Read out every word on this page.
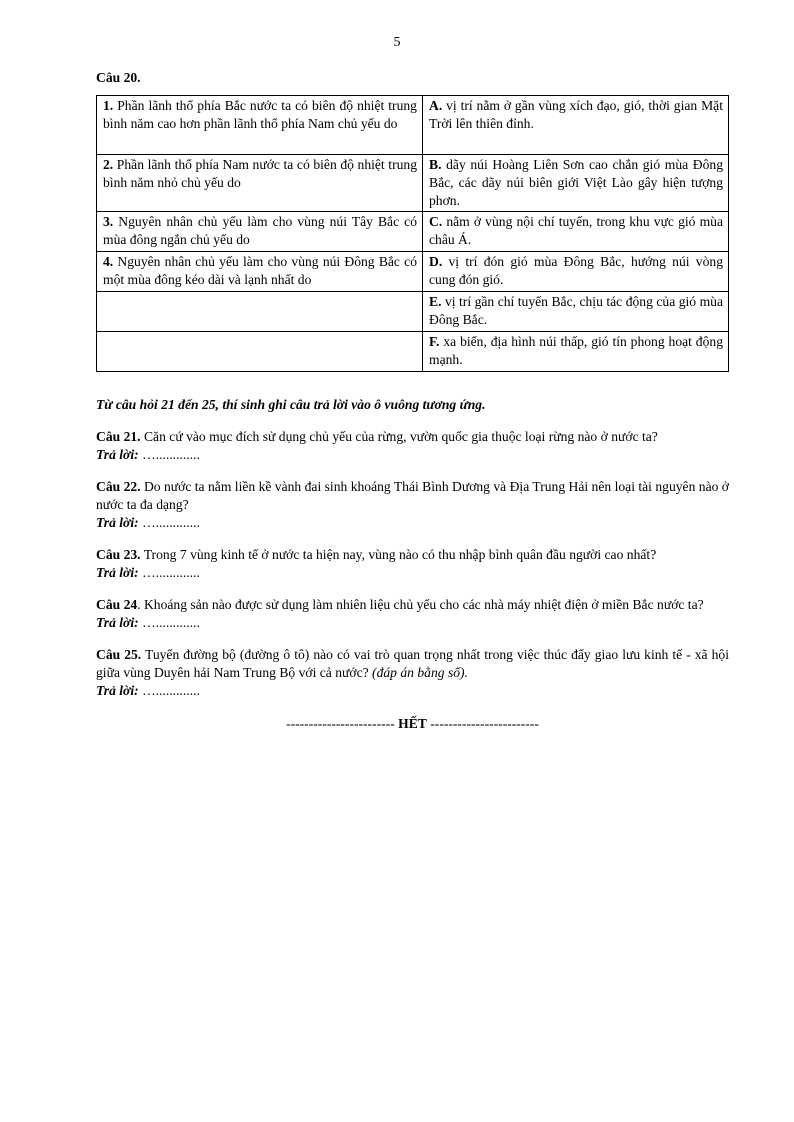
5
Câu 20.
1. Phần lãnh thổ phía Bắc nước ta có biên độ nhiệt trung bình năm cao hơn phần lãnh thổ phía Nam chủ yếu do	A. vị trí nằm ở gần vùng xích đạo, gió, thời gian Mặt Trời lên thiên đỉnh.
2. Phần lãnh thổ phía Nam nước ta có biên độ nhiệt trung bình năm nhỏ chủ yếu do	B. dãy núi Hoàng Liên Sơn cao chắn gió mùa Đông Bắc, các dãy núi biên giới Việt Lào gây hiện tượng phơn.
3. Nguyên nhân chủ yếu làm cho vùng núi Tây Bắc có mùa đông ngắn chủ yếu do	C. nằm ở vùng nội chí tuyến, trong khu vực gió mùa châu Á.
4. Nguyên nhân chủ yếu làm cho vùng núi Đông Bắc có một mùa đông kéo dài và lạnh nhất do	D. vị trí đón gió mùa Đông Bắc, hướng núi vòng cung đón gió.
	E. vị trí gần chí tuyến Bắc, chịu tác động của gió mùa Đông Bắc.
	F. xa biển, địa hình núi thấp, gió tín phong hoạt động mạnh.
Từ câu hỏi 21 đến 25, thí sinh ghi câu trả lời vào ô vuông tương ứng.
Câu 21. Căn cứ vào mục đích sử dụng chủ yếu của rừng, vườn quốc gia thuộc loại rừng nào ở nước ta?
Trả lời: ….............
Câu 22. Do nước ta nằm liền kề vành đai sinh khoáng Thái Bình Dương và Địa Trung Hải nên loại tài nguyên nào ở nước ta đa dạng?
Trả lời: ….............
Câu 23. Trong 7 vùng kinh tế ở nước ta hiện nay, vùng nào có thu nhập bình quân đầu người cao nhất?
Trả lời: ….............
Câu 24. Khoáng sản nào được sử dụng làm nhiên liệu chủ yếu cho các nhà máy nhiệt điện ở miền Bắc nước ta?
Trả lời: ….............
Câu 25. Tuyến đường bộ (đường ô tô) nào có vai trò quan trọng nhất trong việc thúc đẩy giao lưu kinh tế - xã hội giữa vùng Duyên hải Nam Trung Bộ với cả nước? (đáp án bằng số).
Trả lời: ….............
------------------------ HẾT ------------------------
